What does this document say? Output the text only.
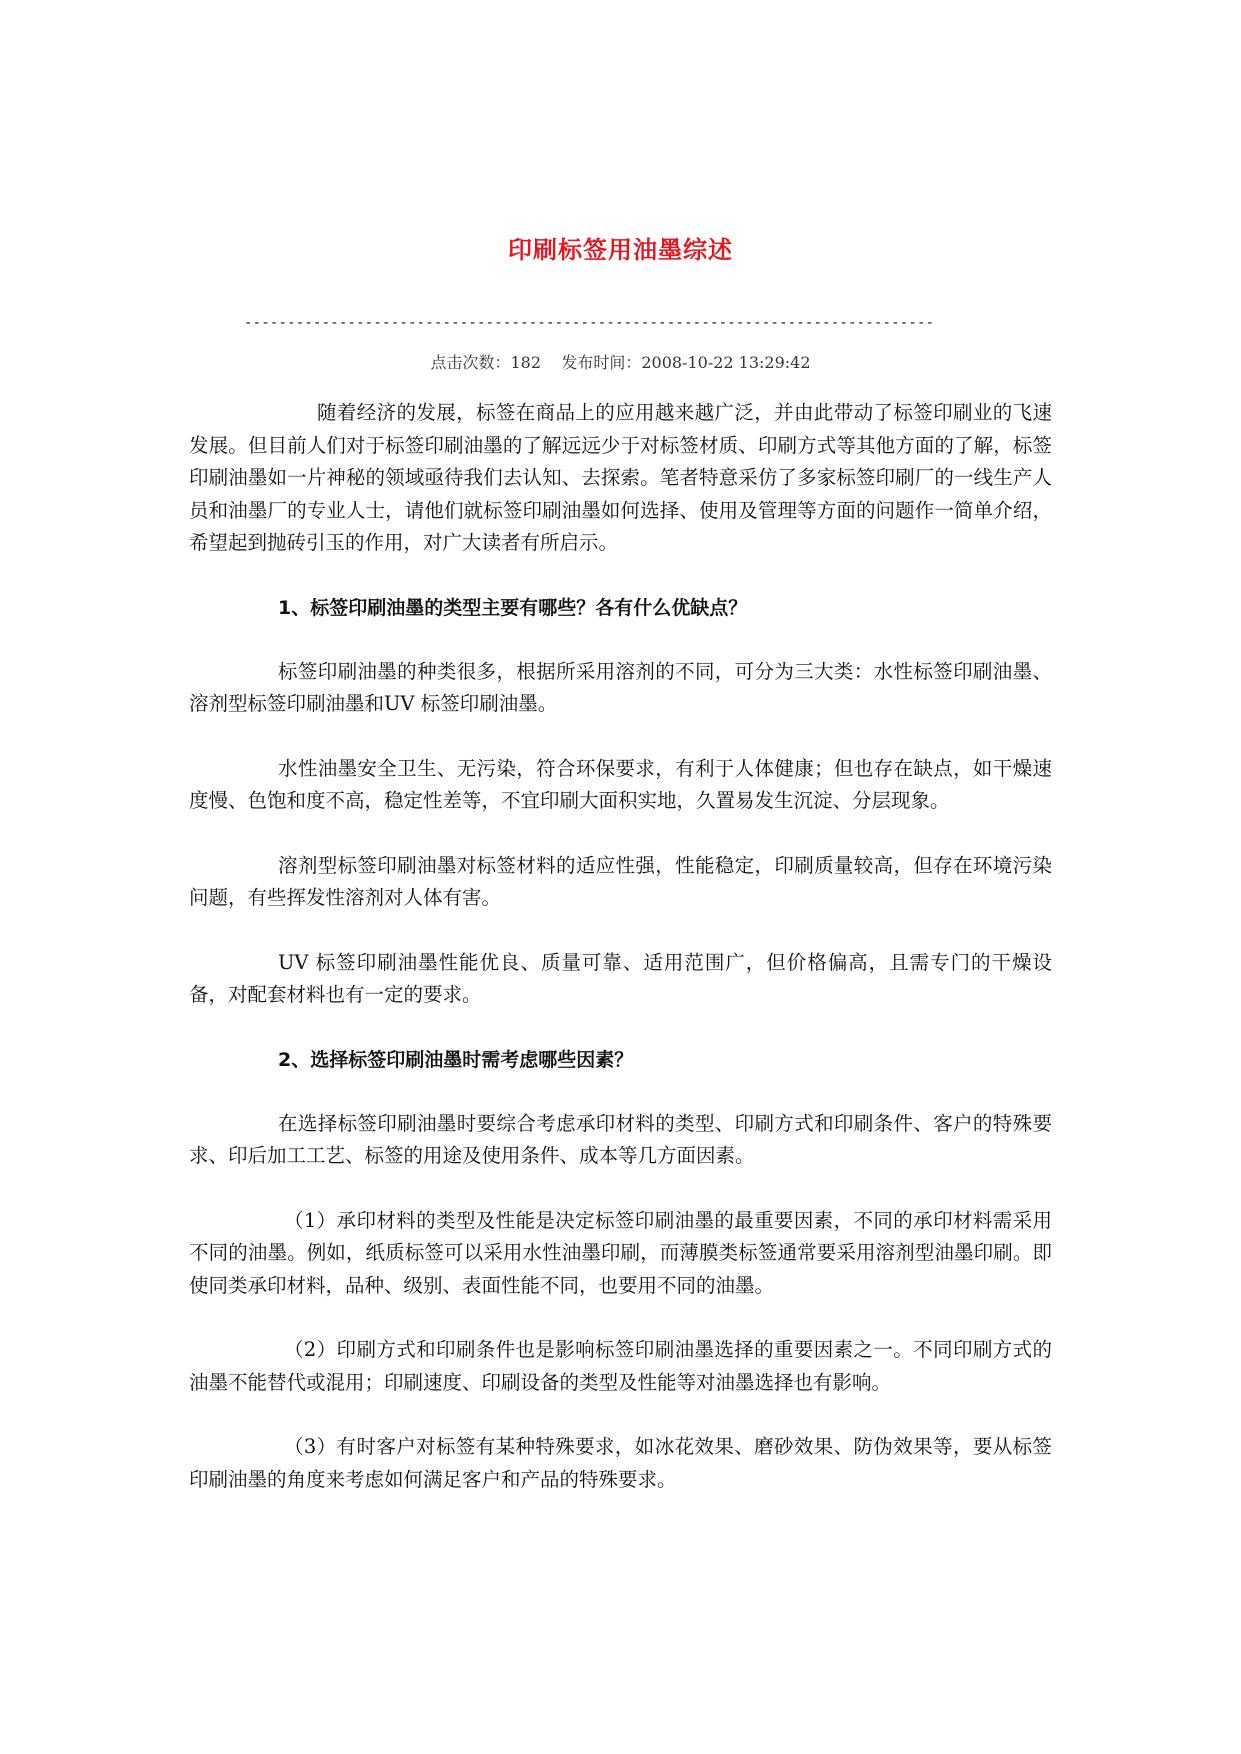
印刷标签用油墨综述
--------------------------------------------------------------------------------
点击次数：182    发布时间：2008-10-22 13:29:42

随着经济的发展，标签在商品上的应用越来越广泛，并由此带动了标签印刷业的飞速发展。但目前人们对于标签印刷油墨的了解远远少于对标签材质、印刷方式等其他方面的了解，标签印刷油墨如一片神秘的领域亟待我们去认知、去探索。笔者特意采仿了多家标签印刷厂的一线生产人员和油墨厂的专业人士，请他们就标签印刷油墨如何选择、使用及管理等方面的问题作一简单介绍，希望起到抛砖引玉的作用，对广大读者有所启示。

1、标签印刷油墨的类型主要有哪些？各有什么优缺点？

标签印刷油墨的种类很多，根据所采用溶剂的不同，可分为三大类：水性标签印刷油墨、溶剂型标签印刷油墨和UV 标签印刷油墨。

水性油墨安全卫生、无污染，符合环保要求，有利于人体健康；但也存在缺点，如干燥速度慢、色饱和度不高，稳定性差等，不宜印刷大面积实地，久置易发生沉淀、分层现象。

溶剂型标签印刷油墨对标签材料的适应性强，性能稳定，印刷质量较高，但存在环境污染问题，有些挥发性溶剂对人体有害。

UV 标签印刷油墨性能优良、质量可靠、适用范围广，但价格偏高，且需专门的干燥设备，对配套材料也有一定的要求。

2、选择标签印刷油墨时需考虑哪些因素？

在选择标签印刷油墨时要综合考虑承印材料的类型、印刷方式和印刷条件、客户的特殊要求、印后加工工艺、标签的用途及使用条件、成本等几方面因素。

（1）承印材料的类型及性能是决定标签印刷油墨的最重要因素，不同的承印材料需采用不同的油墨。例如，纸质标签可以采用水性油墨印刷，而薄膜类标签通常要采用溶剂型油墨印刷。即使同类承印材料，品种、级别、表面性能不同，也要用不同的油墨。

（2）印刷方式和印刷条件也是影响标签印刷油墨选择的重要因素之一。不同印刷方式的油墨不能替代或混用；印刷速度、印刷设备的类型及性能等对油墨选择也有影响。

（3）有时客户对标签有某种特殊要求，如冰花效果、磨砂效果、防伪效果等，要从标签印刷油墨的角度来考虑如何满足客户和产品的特殊要求。
